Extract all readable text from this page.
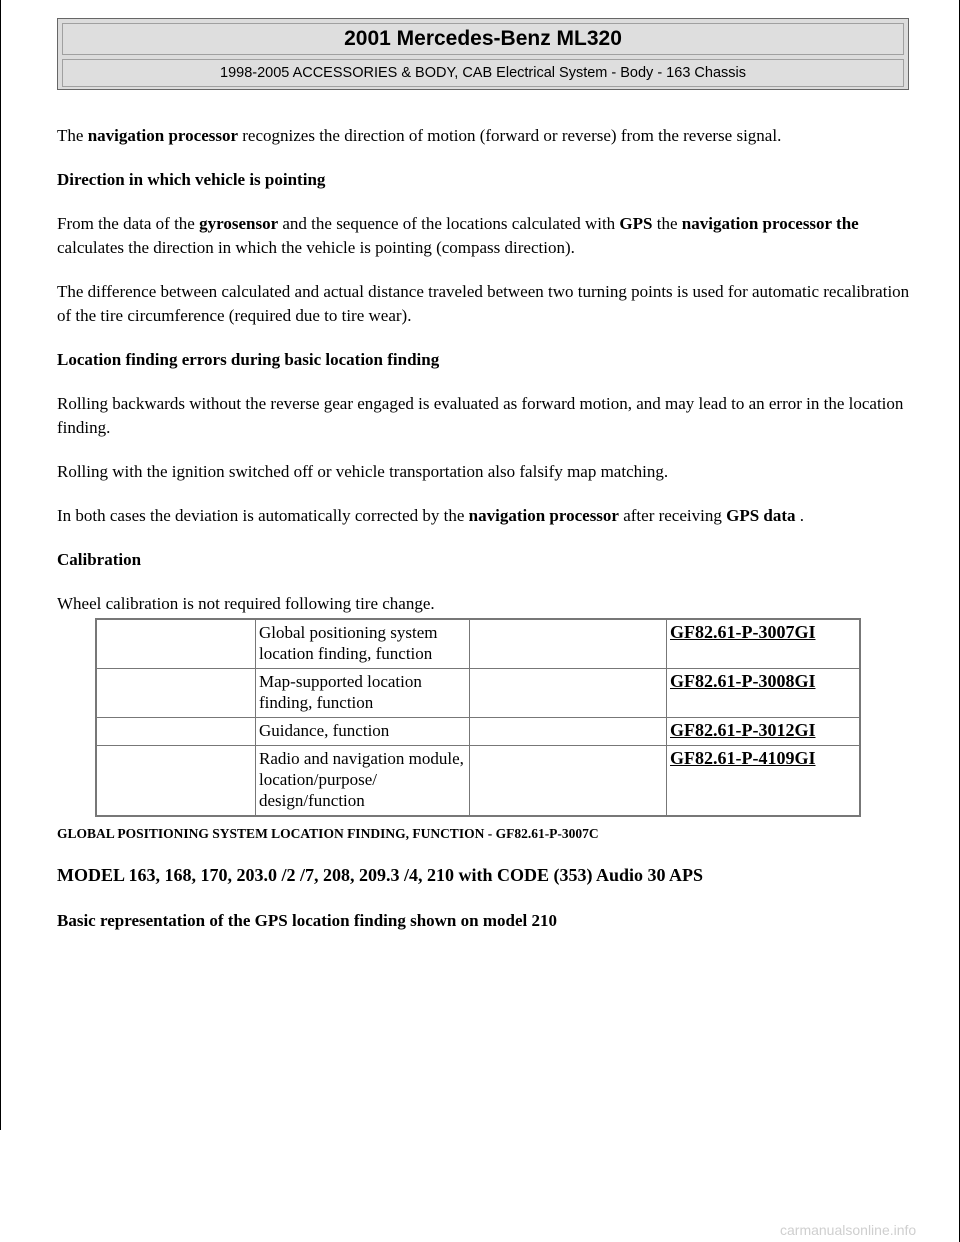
2001 Mercedes-Benz ML320
1998-2005 ACCESSORIES & BODY, CAB Electrical System - Body - 163 Chassis

The navigation processor recognizes the direction of motion (forward or reverse) from the reverse signal.

Direction in which vehicle is pointing

From the data of the gyrosensor and the sequence of the locations calculated with GPS the navigation processor the calculates the direction in which the vehicle is pointing (compass direction).

The difference between calculated and actual distance traveled between two turning points is used for automatic recalibration of the tire circumference (required due to tire wear).

Location finding errors during basic location finding

Rolling backwards without the reverse gear engaged is evaluated as forward motion, and may lead to an error in the location finding.

Rolling with the ignition switched off or vehicle transportation also falsify map matching.

In both cases the deviation is automatically corrected by the navigation processor after receiving GPS data .

Calibration

Wheel calibration is not required following tire change.

	Global positioning system location finding, function		GF82.61-P-3007GI
	Map-supported location finding, function		GF82.61-P-3008GI
	Guidance, function		GF82.61-P-3012GI
	Radio and navigation module, location/purpose/ design/function		GF82.61-P-4109GI
GLOBAL POSITIONING SYSTEM LOCATION FINDING, FUNCTION - GF82.61-P-3007C
MODEL 163, 168, 170, 203.0 /2 /7, 208, 209.3 /4, 210 with CODE (353) Audio 30 APS
Basic representation of the GPS location finding shown on model 210
carmanualsonline.info
